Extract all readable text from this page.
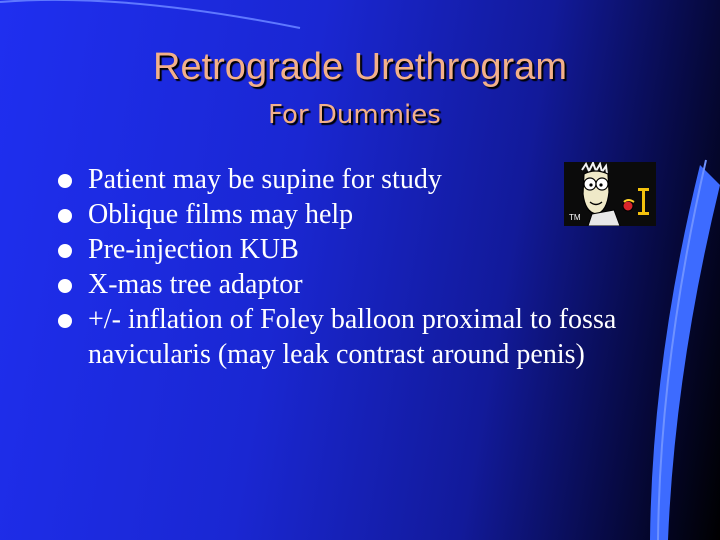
Retrograde Urethrogram
For Dummies
Patient may be supine for study
Oblique films may help
Pre-injection KUB
X-mas tree adaptor
+/- inflation of Foley balloon proximal to fossa navicularis (may leak contrast around penis)
TM
